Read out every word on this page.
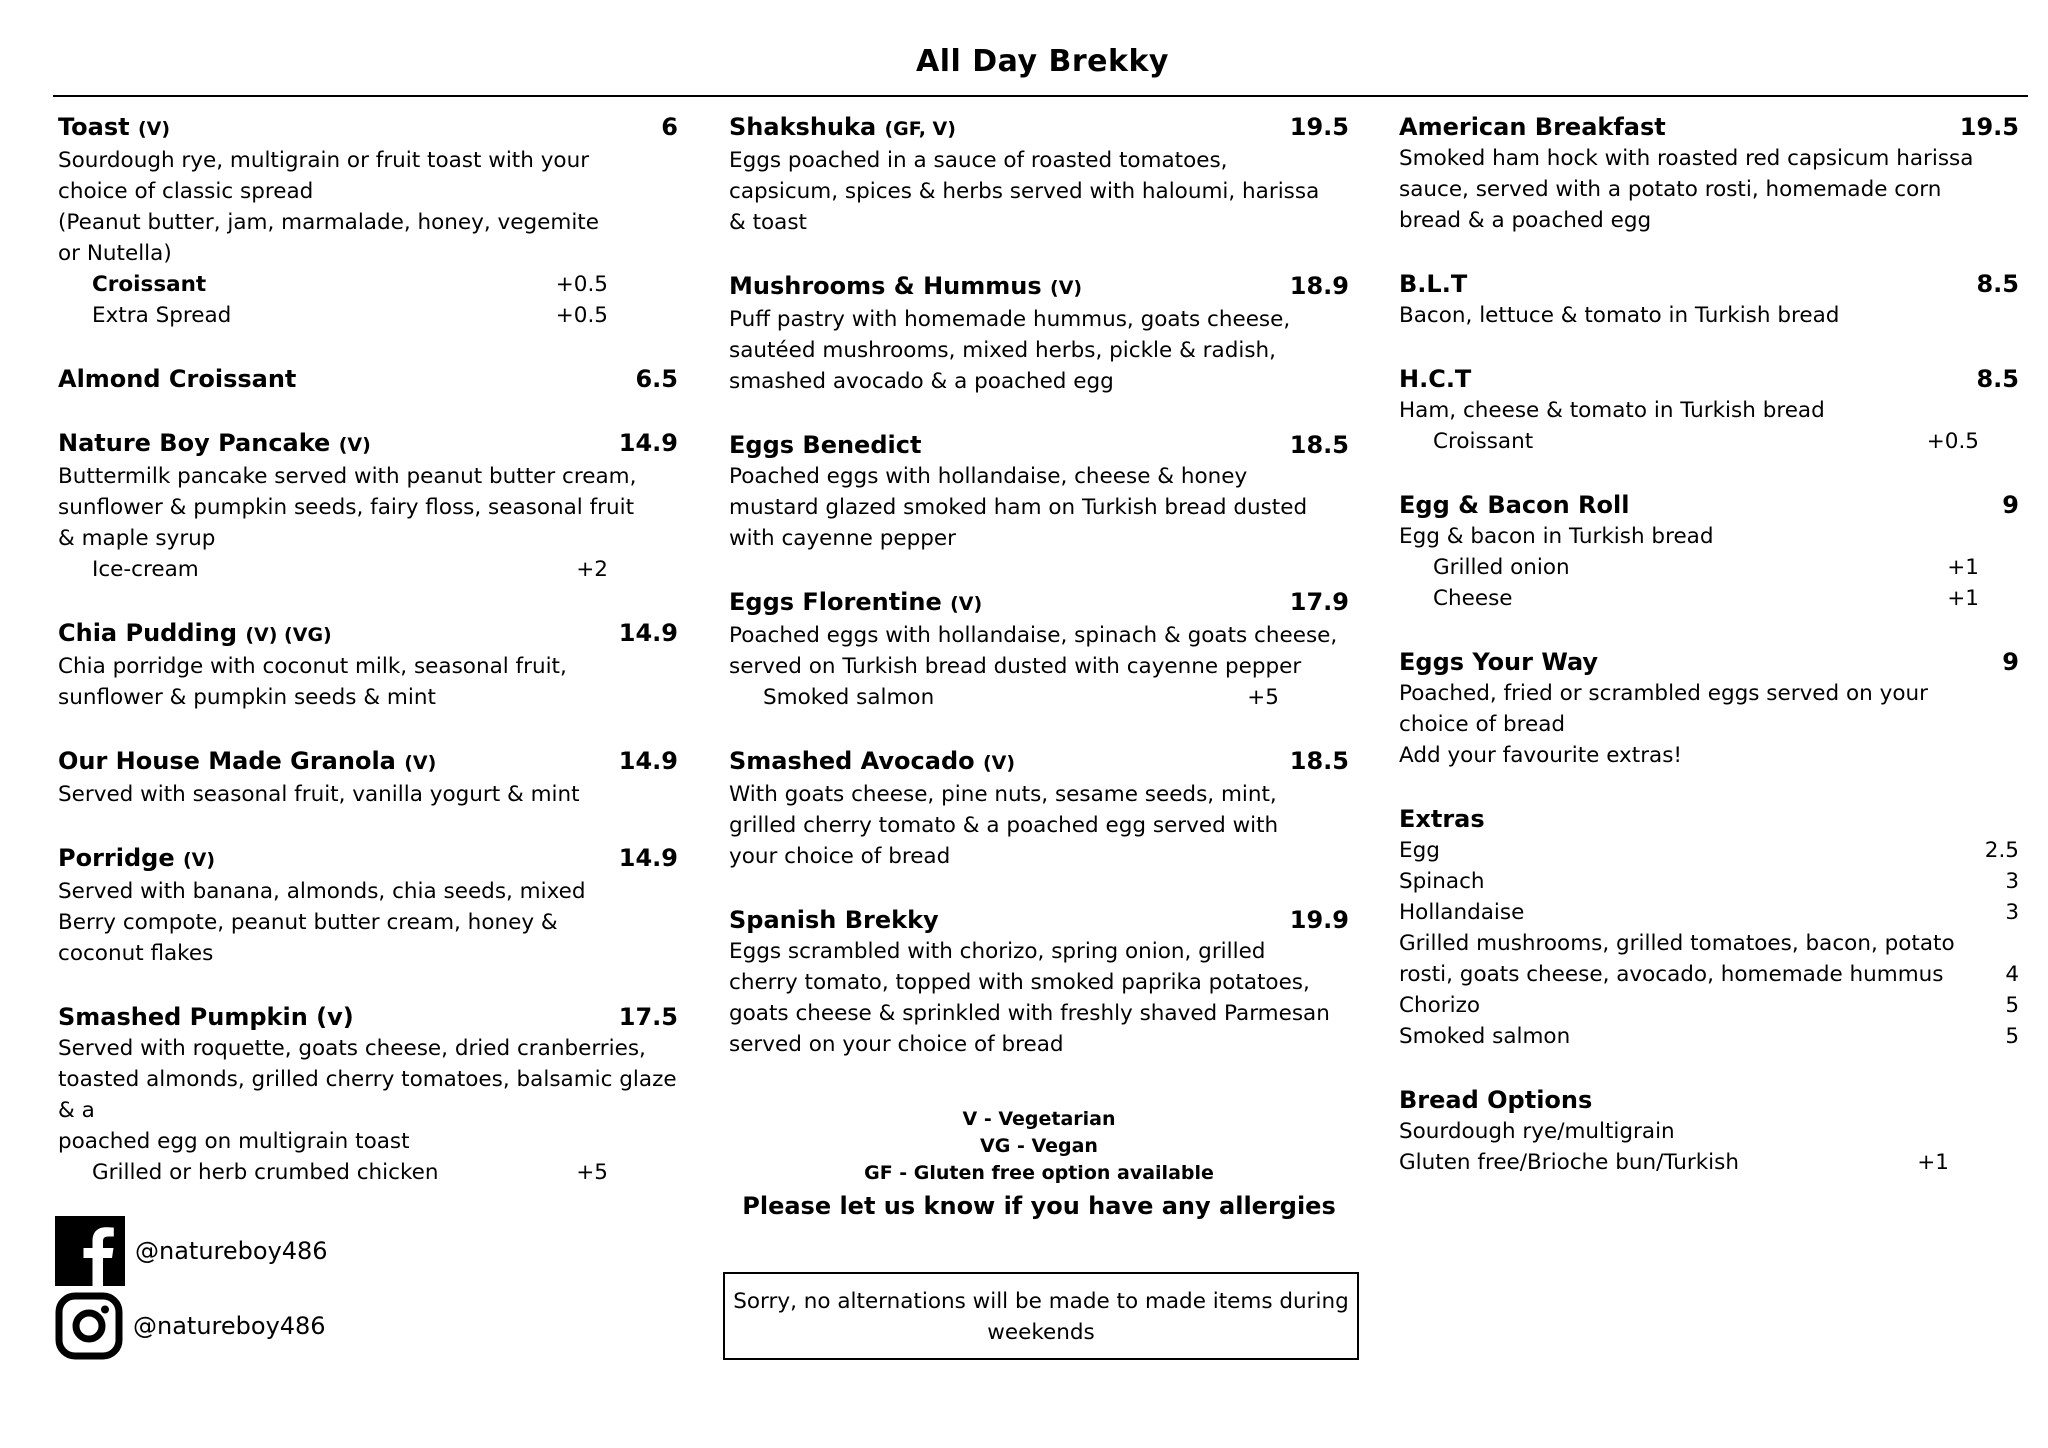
All Day Brekky
Toast (V)	6
Sourdough rye, multigrain or fruit toast with your
choice of classic spread
(Peanut butter, jam, marmalade, honey, vegemite
or Nutella)
Croissant	+0.5
Extra Spread	+0.5
Almond Croissant	6.5
Nature Boy Pancake (V)	14.9
Buttermilk pancake served with peanut butter cream,
sunflower & pumpkin seeds, fairy floss, seasonal fruit
& maple syrup
Ice-cream	+2
Chia Pudding (V) (VG)	14.9
Chia porridge with coconut milk, seasonal fruit,
sunflower & pumpkin seeds & mint
Our House Made Granola (V)	14.9
Served with seasonal fruit, vanilla yogurt & mint
Porridge (V)	14.9
Served with banana, almonds, chia seeds, mixed
Berry compote, peanut butter cream, honey &
coconut flakes
Smashed Pumpkin (v)	17.5
Served with roquette, goats cheese, dried cranberries,
toasted almonds, grilled cherry tomatoes, balsamic glaze & a
poached egg on multigrain toast
Grilled or herb crumbed chicken	+5
Shakshuka (GF, V)	19.5
Eggs poached in a sauce of roasted tomatoes,
capsicum, spices & herbs served with haloumi, harissa
& toast
Mushrooms & Hummus (V)	18.9
Puff pastry with homemade hummus, goats cheese,
sautéed mushrooms, mixed herbs, pickle & radish,
smashed avocado & a poached egg
Eggs Benedict	18.5
Poached eggs with hollandaise, cheese & honey
mustard glazed smoked ham on Turkish bread dusted
with cayenne pepper
Eggs Florentine (V)	17.9
Poached eggs with hollandaise, spinach & goats cheese,
served on Turkish bread dusted with cayenne pepper
Smoked salmon	+5
Smashed Avocado (V)	18.5
With goats cheese, pine nuts, sesame seeds, mint,
grilled cherry tomato & a poached egg served with
your choice of bread
Spanish Brekky	19.9
Eggs scrambled with chorizo, spring onion, grilled
cherry tomato, topped with smoked paprika potatoes,
goats cheese & sprinkled with freshly shaved Parmesan
served on your choice of bread
American Breakfast	19.5
Smoked ham hock with roasted red capsicum harissa
sauce, served with a potato rosti, homemade corn
bread & a poached egg
B.L.T	8.5
Bacon, lettuce & tomato in Turkish bread
H.C.T	8.5
Ham, cheese & tomato in Turkish bread
Croissant	+0.5
Egg & Bacon Roll	9
Egg & bacon in Turkish bread
Grilled onion	+1
Cheese	+1
Eggs Your Way	9
Poached, fried or scrambled eggs served on your
choice of bread
Add your favourite extras!
Extras
Egg	2.5
Spinach	3
Hollandaise	3
Grilled mushrooms, grilled tomatoes, bacon, potato
rosti, goats cheese, avocado, homemade hummus	4
Chorizo	5
Smoked salmon	5
Bread Options
Sourdough rye/multigrain
Gluten free/Brioche bun/Turkish	+1
V - Vegetarian
VG - Vegan
GF - Gluten free option available
Please let us know if you have any allergies
Sorry, no alternations will be made to made items during weekends
@natureboy486
@natureboy486
